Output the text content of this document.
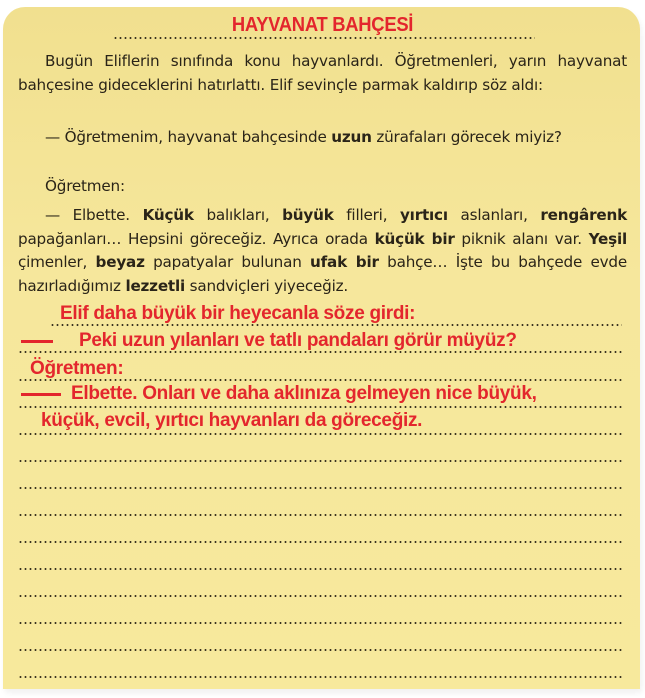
HAYVANAT BAHÇESİ
Bugün Eliflerin sınıfında konu hayvanlardı. Öğretmenleri, yarın hayvanat bahçesine gideceklerini hatırlattı. Elif sevinçle parmak kaldırıp söz aldı:
— Öğretmenim, hayvanat bahçesinde uzun zürafaları görecek miyiz?
Öğretmen:
— Elbette. Küçük balıkları, büyük filleri, yırtıcı aslanları, rengârenk papağanları… Hepsini göreceğiz. Ayrıca orada küçük bir piknik alanı var. Yeşil çimenler, beyaz papatyalar bulunan ufak bir bahçe… İşte bu bahçede evde hazırladığımız lezzetli sandviçleri yiyeceğiz.
Elif daha büyük bir heyecanla söze girdi:
Peki uzun yılanları ve tatlı pandaları görür müyüz?
Öğretmen:
Elbette. Onları ve daha aklınıza gelmeyen nice büyük,
küçük, evcil, yırtıcı hayvanları da göreceğiz.
